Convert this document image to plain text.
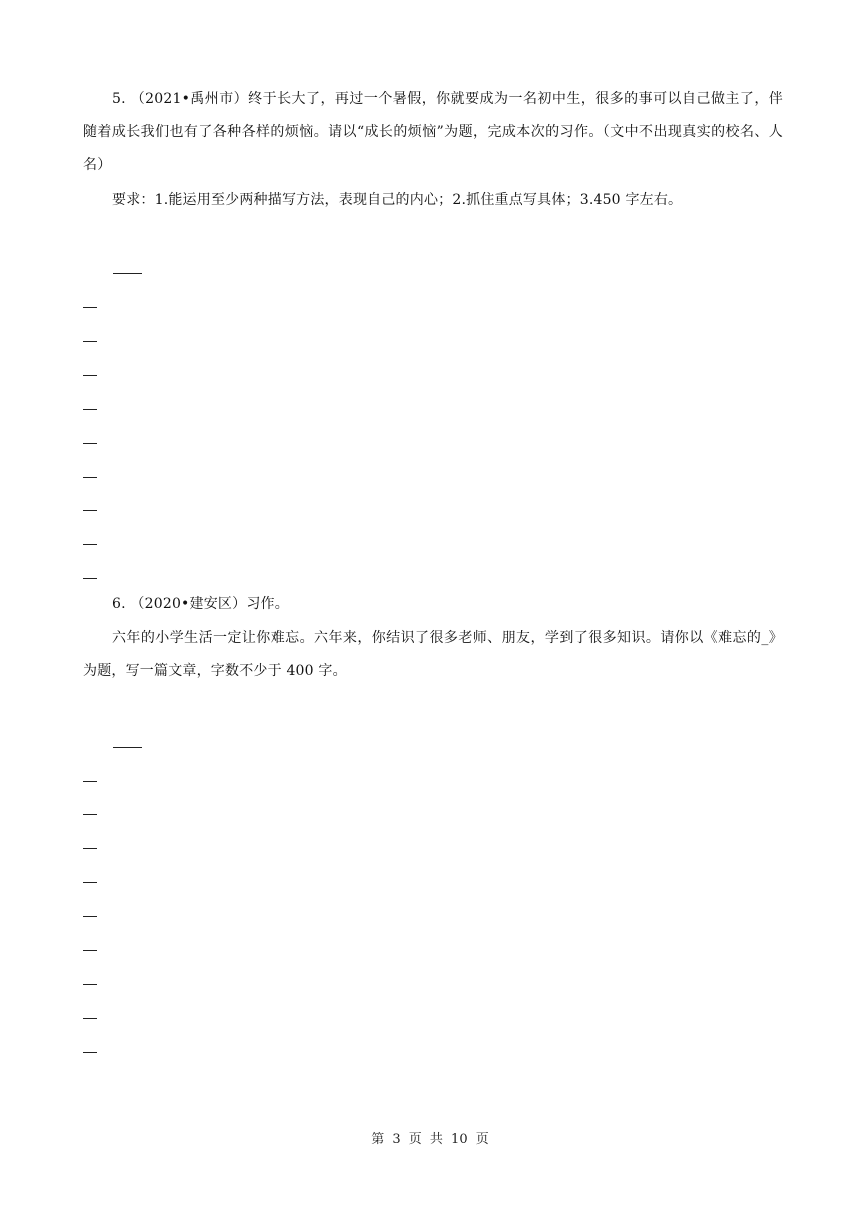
5. （2021•禹州市）终于长大了，再过一个暑假，你就要成为一名初中生，很多的事可以自己做主了，伴随着成长我们也有了各种各样的烦恼。请以“成长的烦恼”为题，完成本次的习作。（文中不出现真实的校名、人名）

要求：1.能运用至少两种描写方法，表现自己的内心；2.抓住重点写具体；3.450 字左右。

6. （2020•建安区）习作。

六年的小学生活一定让你难忘。六年来，你结识了很多老师、朋友，学到了很多知识。请你以《难忘的_》为题，写一篇文章，字数不少于 400 字。

第 3 页 共 10 页
